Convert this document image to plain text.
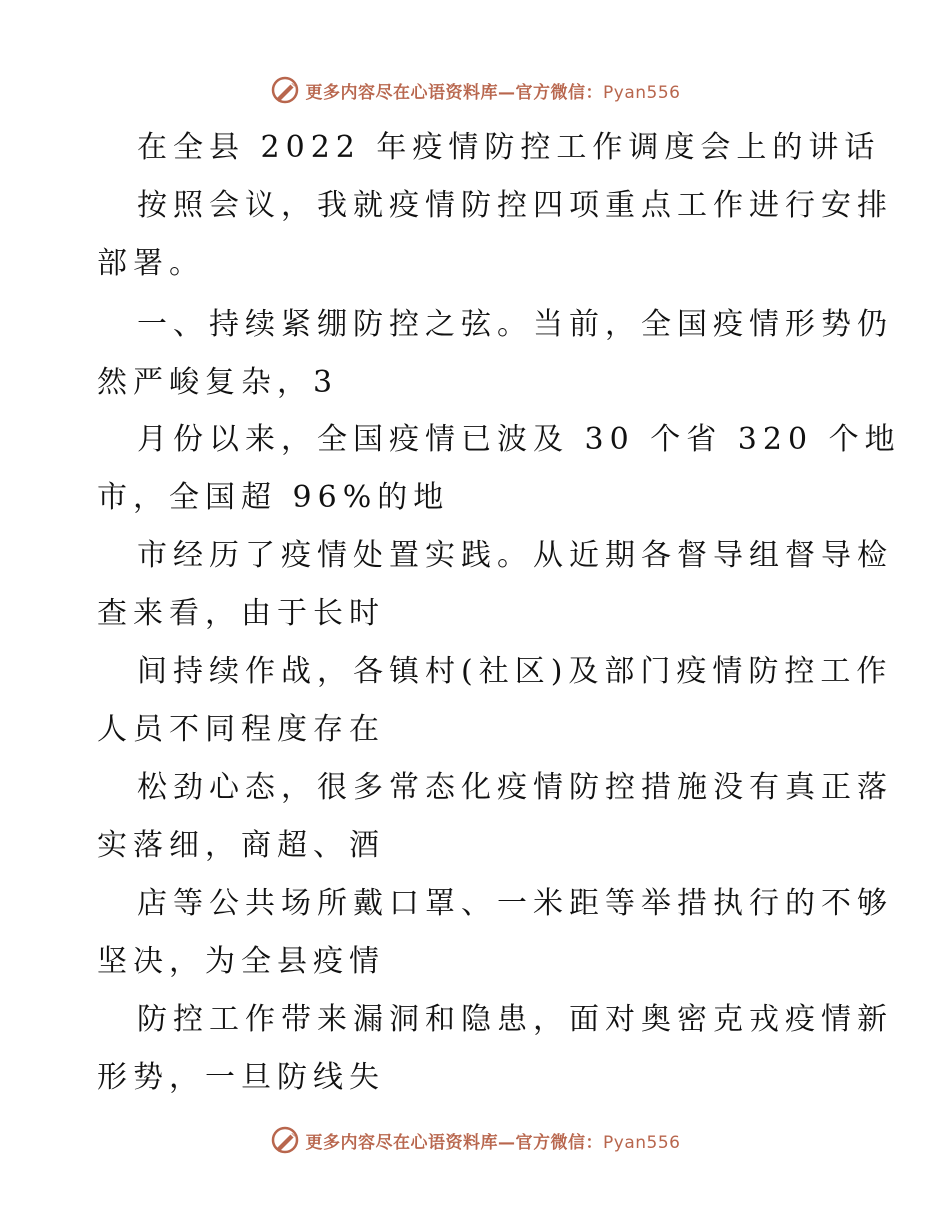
更多内容尽在心语资料库—官方微信：Pyan556
在全县 2022 年疫情防控工作调度会上的讲话
按照会议，我就疫情防控四项重点工作进行安排
部署。
一、持续紧绷防控之弦。当前，全国疫情形势仍
然严峻复杂，3
月份以来，全国疫情已波及 30 个省 320 个地
市，全国超 96%的地
市经历了疫情处置实践。从近期各督导组督导检
查来看，由于长时
间持续作战，各镇村(社区)及部门疫情防控工作
人员不同程度存在
松劲心态，很多常态化疫情防控措施没有真正落
实落细，商超、酒
店等公共场所戴口罩、一米距等举措执行的不够
坚决，为全县疫情
防控工作带来漏洞和隐患，面对奥密克戎疫情新
形势，一旦防线失
更多内容尽在心语资料库—官方微信：Pyan556
